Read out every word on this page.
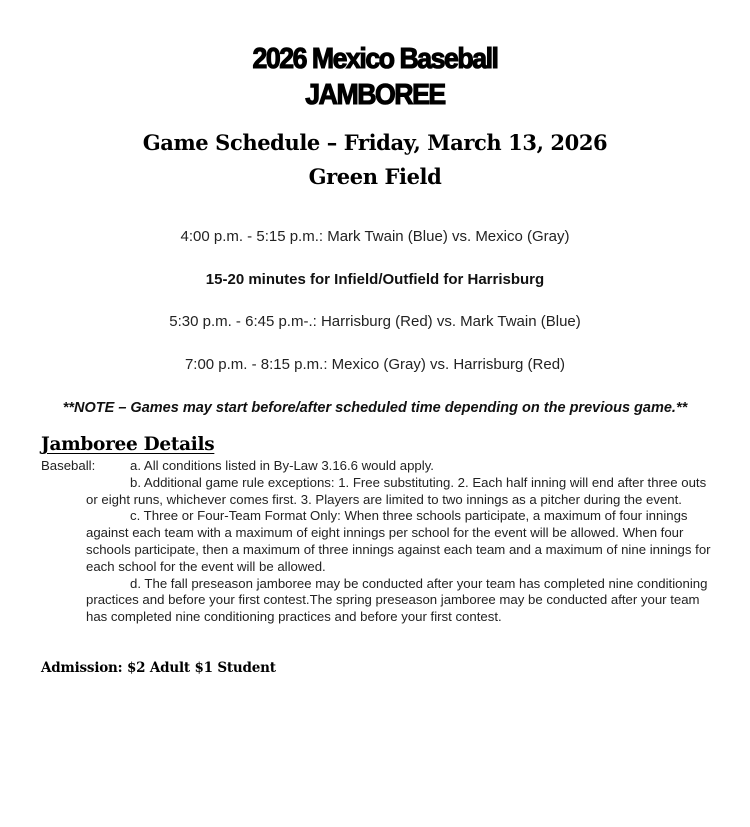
2026 Mexico Baseball
JAMBOREE
Game Schedule – Friday, March 13, 2026
Green Field
4:00 p.m. - 5:15 p.m.: Mark Twain (Blue) vs. Mexico (Gray)
15-20 minutes for Infield/Outfield for Harrisburg
5:30 p.m. - 6:45 p.m-.: Harrisburg (Red) vs. Mark Twain (Blue)
7:00 p.m. - 8:15 p.m.: Mexico (Gray) vs. Harrisburg (Red)
**NOTE – Games may start before/after scheduled time depending on the previous game.**
Jamboree Details
Baseball:	a. All conditions listed in By-Law 3.16.6 would apply.
b. Additional game rule exceptions: 1. Free substituting. 2. Each half inning will end after three outs or eight runs, whichever comes first. 3. Players are limited to two innings as a pitcher during the event.
c. Three or Four-Team Format Only: When three schools participate, a maximum of four innings against each team with a maximum of eight innings per school for the event will be allowed. When four schools participate, then a maximum of three innings against each team and a maximum of nine innings for each school for the event will be allowed.
d. The fall preseason jamboree may be conducted after your team has completed nine conditioning practices and before your first contest.The spring preseason jamboree may be conducted after your team has completed nine conditioning practices and before your first contest.
Admission: $2 Adult $1 Student
